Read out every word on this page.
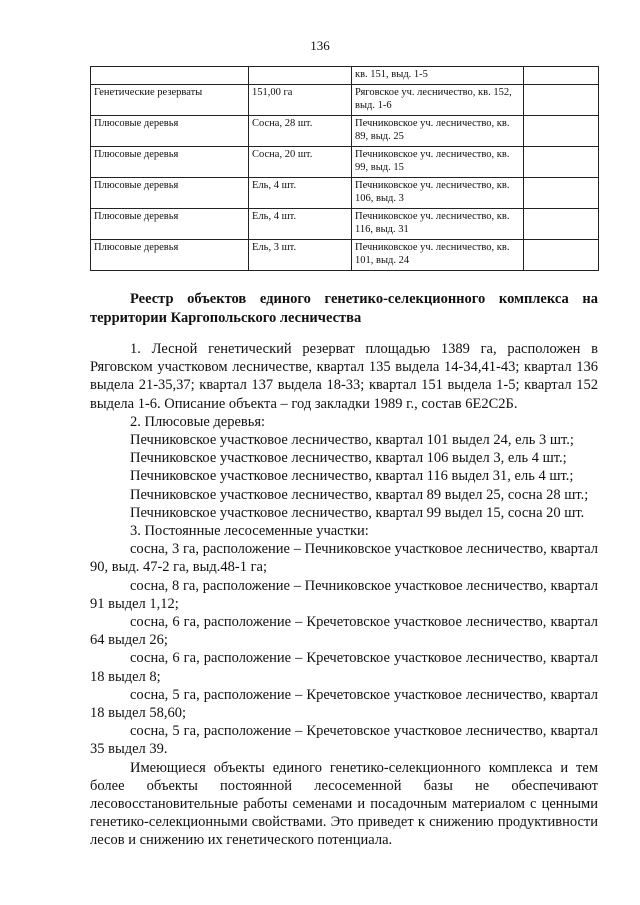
136
		кв. 151, выд. 1-5	
Генетические резерваты	151,00 га	Ряговское уч. лесничество, кв. 152, выд. 1-6	
Плюсовые деревья	Сосна, 28 шт.	Печниковское уч. лесничество, кв. 89, выд. 25	
Плюсовые деревья	Сосна, 20 шт.	Печниковское уч. лесничество, кв. 99, выд. 15	
Плюсовые деревья	Ель, 4 шт.	Печниковское уч. лесничество, кв. 106, выд. 3	
Плюсовые деревья	Ель, 4 шт.	Печниковское уч. лесничество, кв. 116, выд. 31	
Плюсовые деревья	Ель, 3 шт.	Печниковское уч. лесничество, кв. 101, выд. 24	
Реестр объектов единого генетико-селекционного комплекса на территории Каргопольского лесничества

1. Лесной генетический резерват площадью 1389 га, расположен в Ряговском участковом лесничестве, квартал 135 выдела 14-34,41-43; квартал 136 выдела 21-35,37; квартал 137 выдела 18-33; квартал 151 выдела 1-5; квартал 152 выдела 1-6. Описание объекта – год закладки 1989 г., состав 6Е2С2Б.

2. Плюсовые деревья:

Печниковское участковое лесничество, квартал 101 выдел 24, ель 3 шт.;

Печниковское участковое лесничество, квартал 106 выдел 3, ель 4 шт.;

Печниковское участковое лесничество, квартал 116 выдел 31, ель 4 шт.;

Печниковское участковое лесничество, квартал 89 выдел 25, сосна 28 шт.;

Печниковское участковое лесничество, квартал 99 выдел 15, сосна 20 шт.

3. Постоянные лесосеменные участки:

сосна, 3 га, расположение – Печниковское участковое лесничество, квартал 90, выд. 47-2 га, выд.48-1 га;

сосна, 8 га, расположение – Печниковское участковое лесничество, квартал 91 выдел 1,12;

сосна, 6 га, расположение – Кречетовское участковое лесничество, квартал 64 выдел 26;

сосна, 6 га, расположение – Кречетовское участковое лесничество, квартал 18 выдел 8;

сосна, 5 га, расположение – Кречетовское участковое лесничество, квартал 18 выдел 58,60;

сосна, 5 га, расположение – Кречетовское участковое лесничество, квартал 35 выдел 39.

Имеющиеся объекты единого генетико-селекционного комплекса и тем более объекты постоянной лесосеменной базы не обеспечивают лесовосстановительные работы семенами и посадочным материалом с ценными генетико-селекционными свойствами. Это приведет к снижению продуктивности лесов и снижению их генетического потенциала.
